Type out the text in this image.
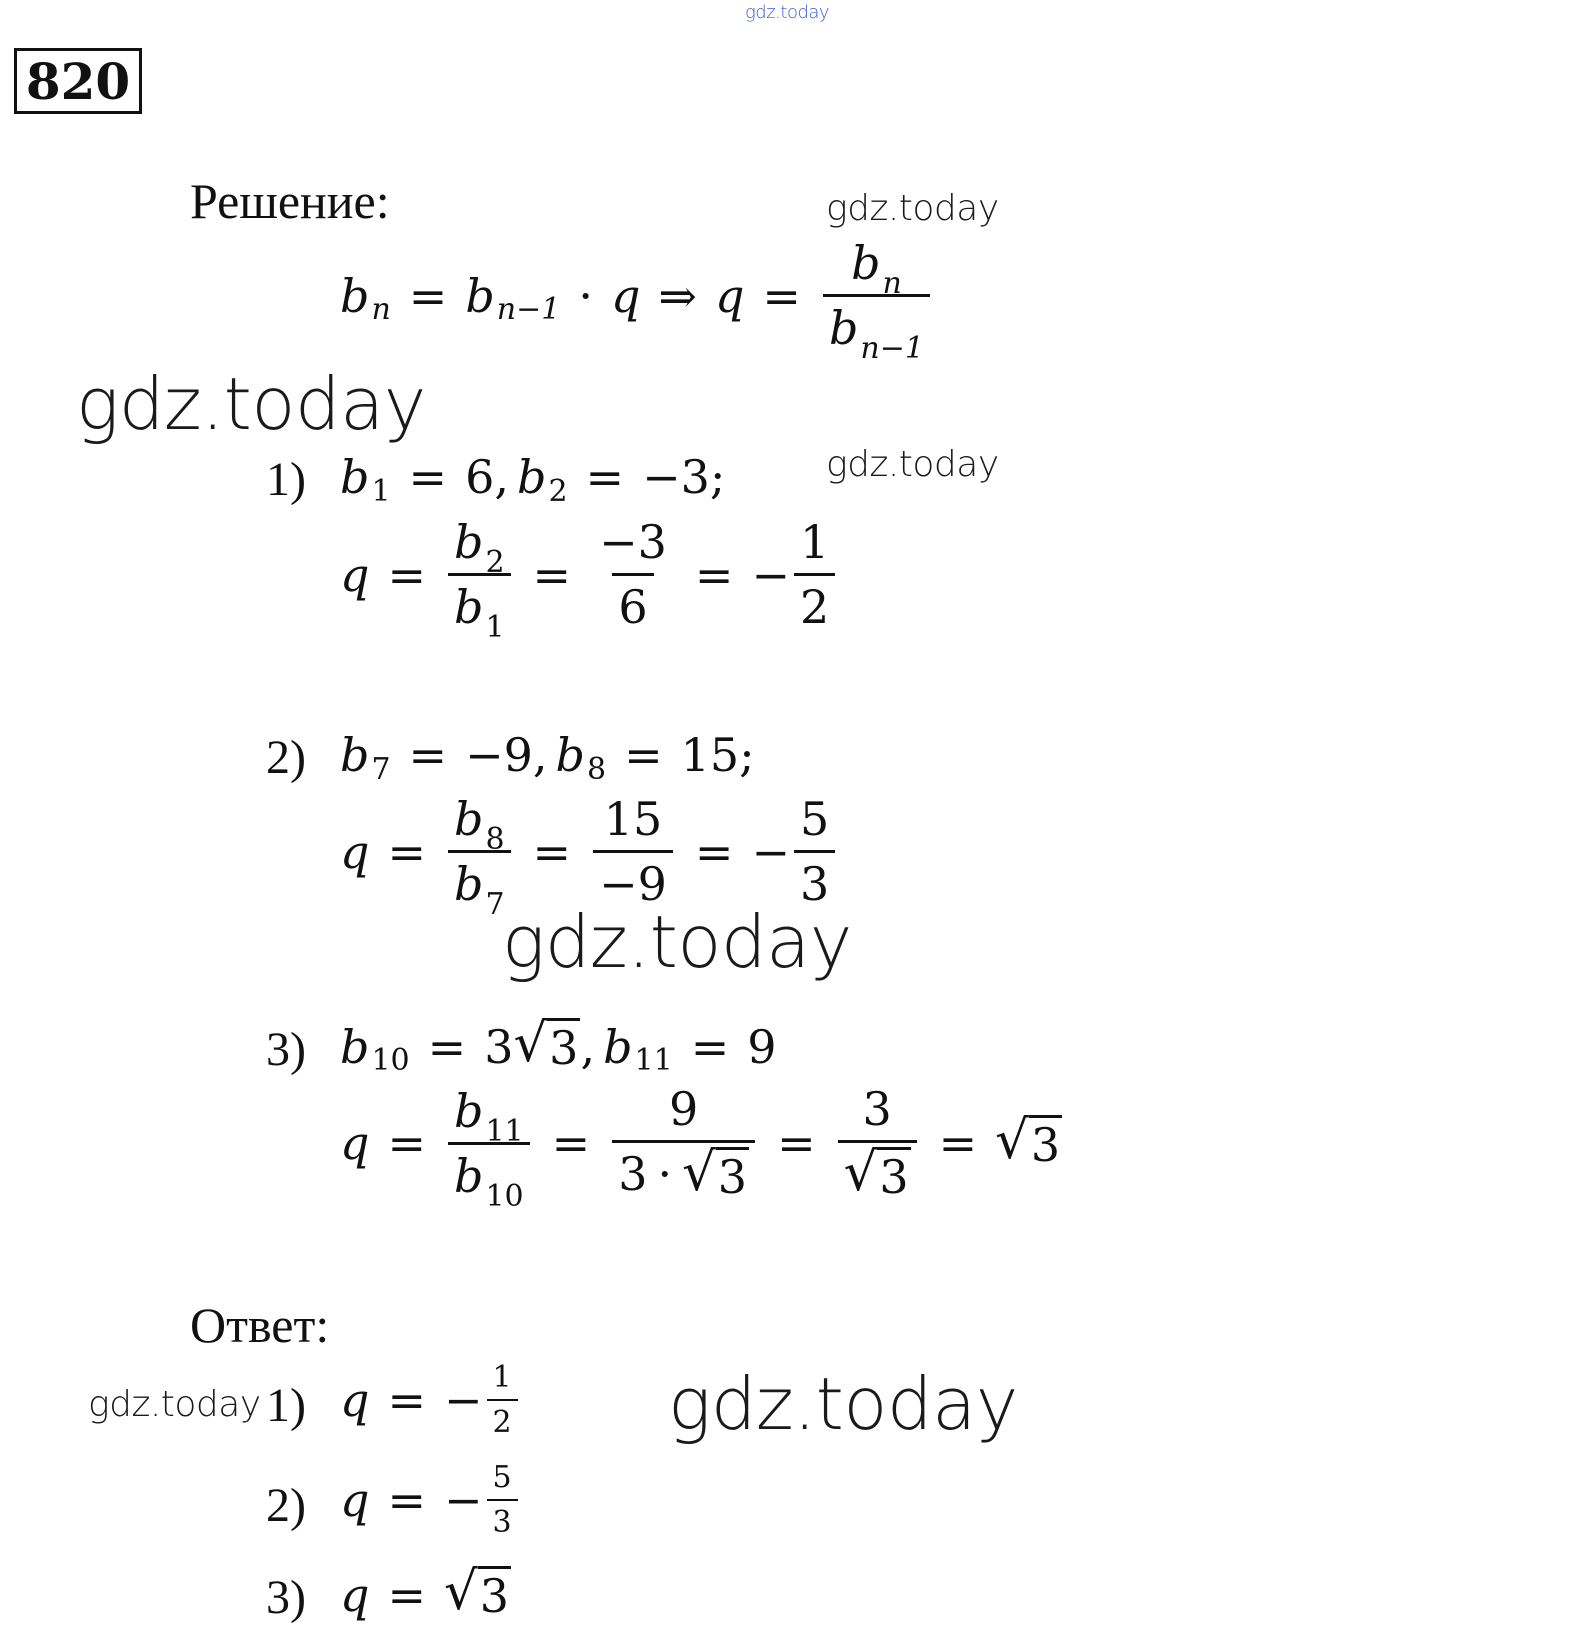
gdz.today
gdz.today
gdz.today
gdz.today
gdz.today
gdz.today
gdz.today
820
Решение:
b n = b n−1 · q ⇒ $q = \frac{b_n}{b_{n-1}}$
1) b 1 = 6, b 2 = −3;
$q = \frac{b_2}{b_1} = \frac{-3}{6}$ = − $\frac{1}{2}$
2) b 7 = −9, b 8 = 15;
$q = \frac{b_8}{b_7} = \frac{15}{-9}$ = − $\frac{5}{3}$
3) b 10 = 3 √ 3 , b 11 = 9
$q = \frac{b_{11}}{b_{10}} = \frac{9}{3 \cdot √ 3} = \frac{3}{√ 3}$ = √ 3
Ответ:
1) q = − $\frac{1}{2}$
2) q = − $\frac{5}{3}$
3) q = √ 3
